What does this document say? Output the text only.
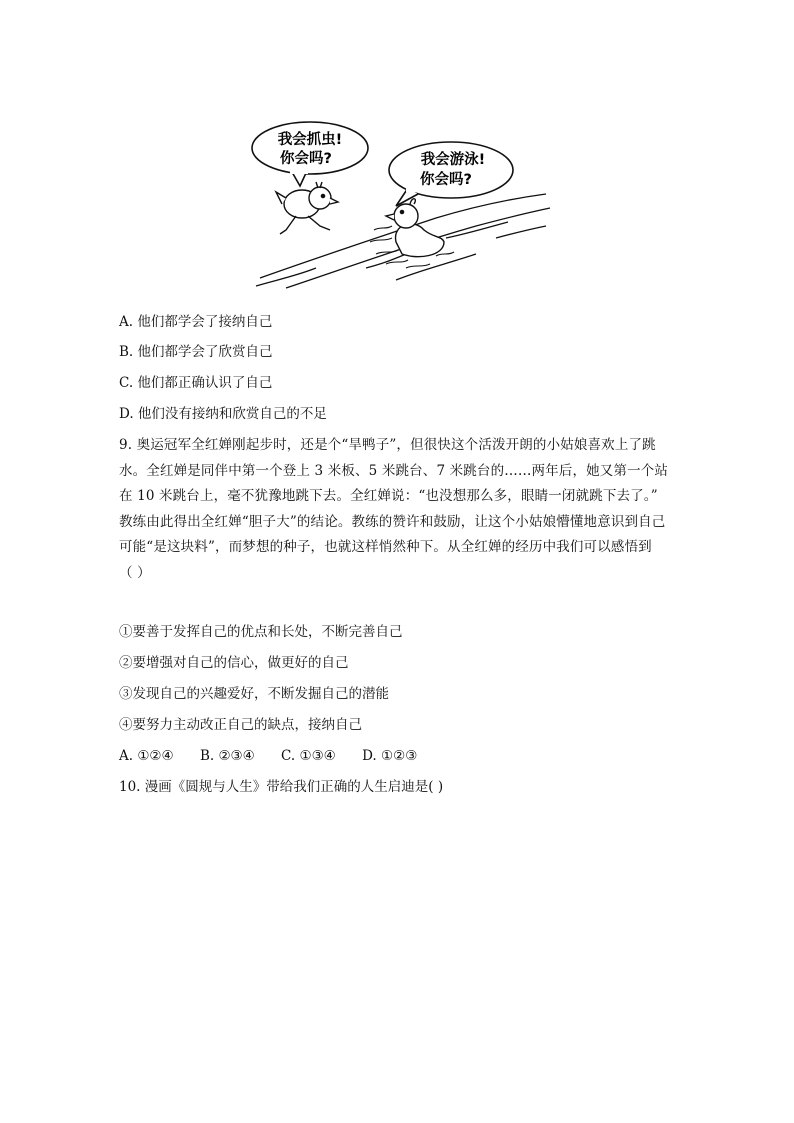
我会抓虫!
你会吗?	我会游泳!
你会吗?
A. 他们都学会了接纳自己
B. 他们都学会了欣赏自己
C. 他们都正确认识了自己
D. 他们没有接纳和欣赏自己的不足
9. 奥运冠军全红婵刚起步时，还是个“旱鸭子”，但很快这个活泼开朗的小姑娘喜欢上了跳
水。全红婵是同伴中第一个登上 3 米板、5 米跳台、7 米跳台的……两年后，她又第一个站
在 10 米跳台上，毫不犹豫地跳下去。全红婵说：“也没想那么多，眼睛一闭就跳下去了。”
教练由此得出全红婵“胆子大”的结论。教练的赞许和鼓励，让这个小姑娘懵懂地意识到自己
可能“是这块料”，而梦想的种子，也就这样悄然种下。从全红婵的经历中我们可以感悟到
（ ）
①要善于发挥自己的优点和长处，不断完善自己
②要增强对自己的信心，做更好的自己
③发现自己的兴趣爱好，不断发掘自己的潜能
④要努力主动改正自己的缺点，接纳自己
A. ①②④ B. ②③④ C. ①③④ D. ①②③
10. 漫画《圆规与人生》带给我们正确的人生启迪是( )
